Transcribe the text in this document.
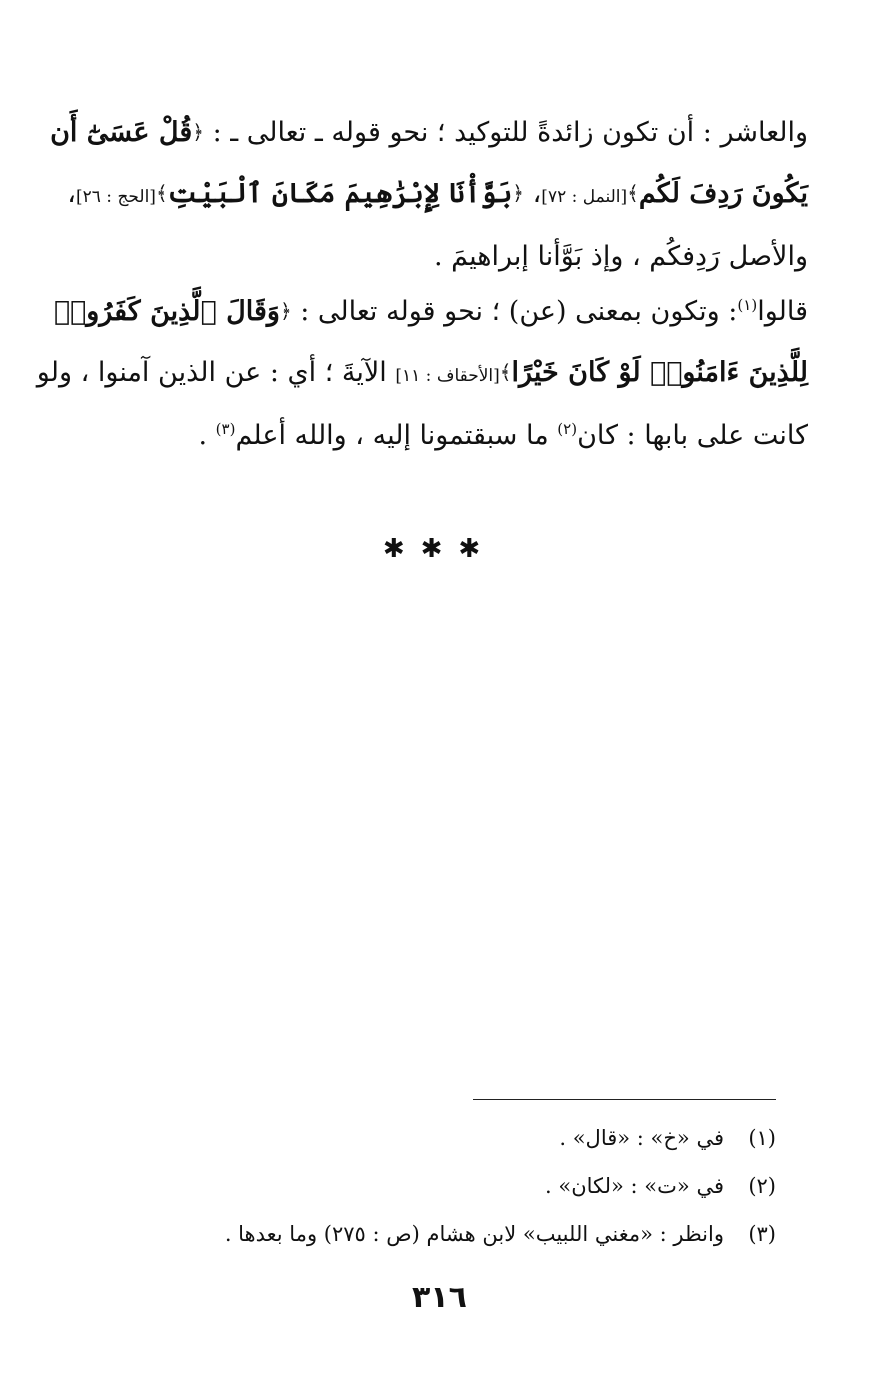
والعاشر : أن تكون زائدةً للتوكيد ؛ نحو قوله ـ تعالى ـ : ﴿قُلْ عَسَىٰٓ أَن
يَكُونَ رَدِفَ لَكُم﴾[النمل : ٧٢]، ﴿بَوَّأْنَا لِإِبْرَٰهِيمَ مَكَانَ ٱلْبَيْتِ﴾[الحج : ٢٦]،
والأصل رَدِفكُم ، وإذ بَوَّأنا إبراهيمَ .
قالوا$^{(١)}$: وتكون بمعنى (عن) ؛ نحو قوله تعالى : ﴿وَقَالَ ٱلَّذِينَ كَفَرُوا۟
لِلَّذِينَ ءَامَنُوا۟ لَوْ كَانَ خَيْرًا﴾[الأحقاف : ١١] الآيةَ ؛ أي : عن الذين آمنوا ، ولو
كانت على بابها : كان$^{(٢)}$ ما سبقتمونا إليه ، والله أعلم$^{(٣)}$ .
✱✱✱
(١)في «خ» : «قال» .
(٢)في «ت» : «لكان» .
(٣)وانظر : «مغني اللبيب» لابن هشام (ص : ٢٧٥) وما بعدها .
٣١٦
